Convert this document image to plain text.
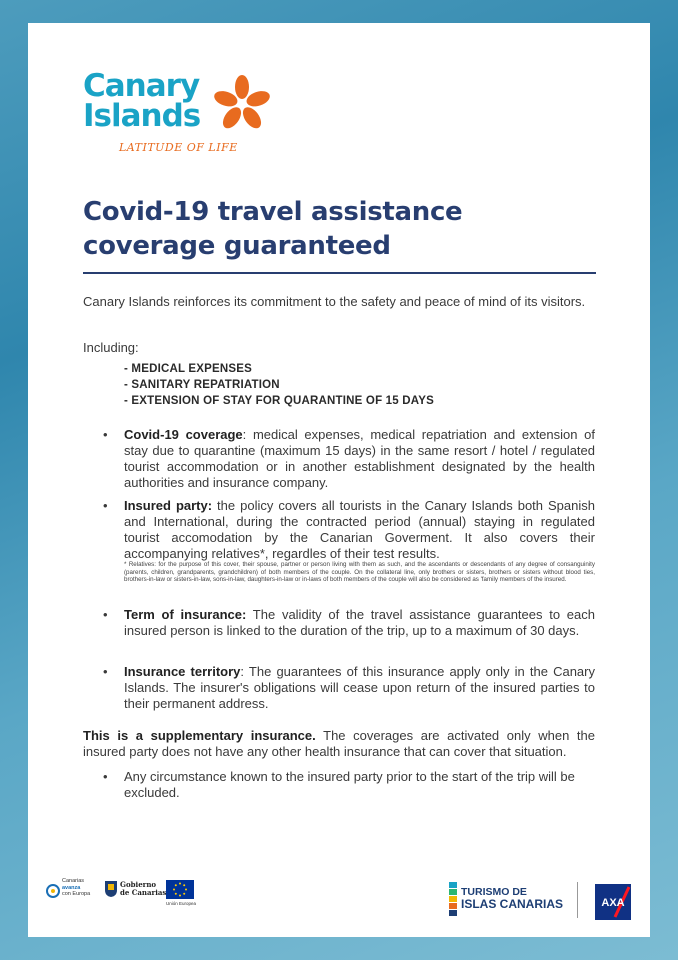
Canary
Islands
LATITUDE OF LIFE
Covid-19 travel assistance
coverage guaranteed

Canary Islands reinforces its commitment to the safety and peace of mind of its visitors.

Including:

- MEDICAL EXPENSES
- SANITARY REPATRIATION
- EXTENSION OF STAY FOR QUARANTINE OF 15 DAYS
• Covid-19 coverage: medical expenses, medical repatriation and extension of stay due to quarantine (maximum 15 days) in the same resort / hotel / regulated tourist accommodation or in another establishment designated by the health authorities and insurance company.
• Insured party: the policy covers all tourists in the Canary Islands both Spanish and International, during the contracted period (annual) staying in regulated tourist accomodation by the Canarian Goverment. It also covers their accompanying relatives*, regardles of their test results.

* Relatives: for the purpose of this cover, their spouse, partner or person living with them as such, and the ascendants or descendants of any degree of consanguinity (parents, children, grandparents, grandchildren) of both members of the couple. On the collateral line, only brothers or sisters, brothers or sisters without blood ties, brothers-in-law or sisters-in-law, sons-in-law, daughters-in-law or in-laws of both members of the couple will also be considered as 'family members of the insured.

• Term of insurance: The validity of the travel assistance guarantees to each insured person is linked to the duration of the trip, up to a maximum of 30 days.
• Insurance territory: The guarantees of this insurance apply only in the Canary Islands. The insurer's obligations will cease upon return of the insured parties to their permanent address.

This is a supplementary insurance. The coverages are activated only when the insured party does not have any other health insurance that can cover that situation.

• Any circumstance known to the insured party prior to the start of the trip will be excluded.
Canarias
avanza
con Europa
Gobierno
de Canarias
Unión Europea
TURISMO DE
ISLAS CANARIAS	AXA
